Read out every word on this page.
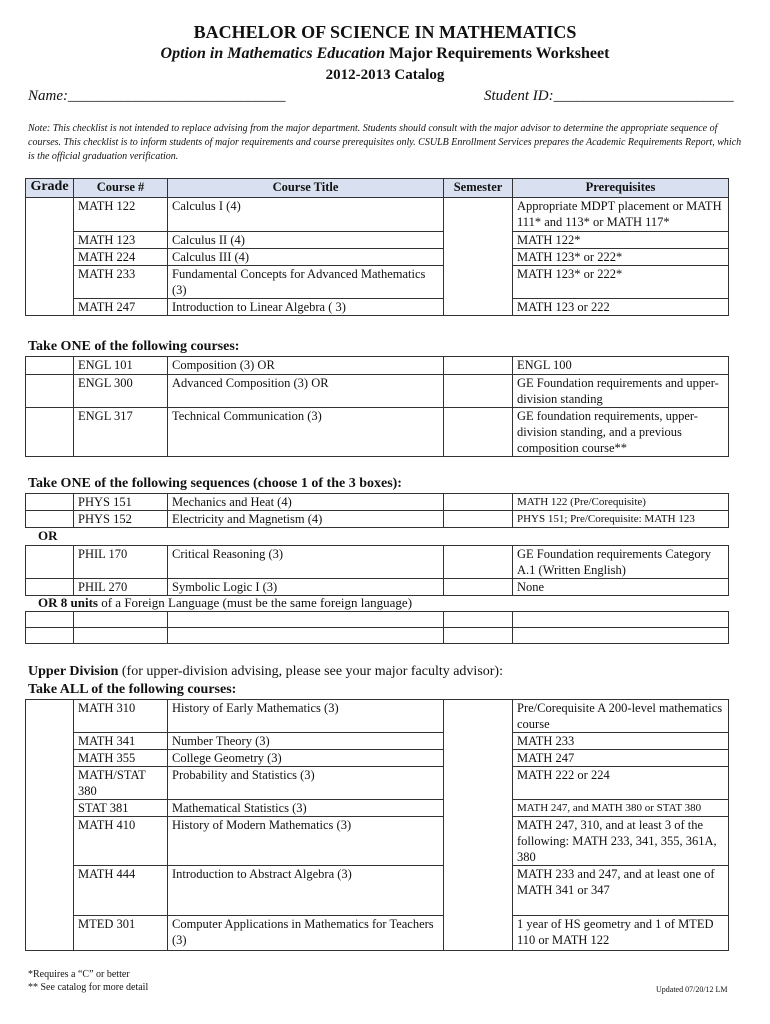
BACHELOR OF SCIENCE IN MATHEMATICS
Option in Mathematics Education Major Requirements Worksheet
2012-2013 Catalog
Name:_____________________________	Student ID:________________________
Note: This checklist is not intended to replace advising from the major department. Students should consult with the major advisor to determine the appropriate sequence of courses. This checklist is to inform students of major requirements and course prerequisites only. CSULB Enrollment Services prepares the Academic Requirements Report, which is the official graduation verification.
Grade	Course #	Course Title	Semester	Prerequisites
	MATH 122	Calculus I (4)		Appropriate MDPT placement or MATH 111* and 113* or MATH 117*
	MATH 123	Calculus II (4)		MATH 122*
	MATH 224	Calculus III (4)		MATH 123* or 222*
	MATH 233	Fundamental Concepts for Advanced Mathematics (3)		MATH 123* or 222*
	MATH 247	Introduction to Linear Algebra ( 3)		MATH 123 or 222
Take ONE of the following courses:
	ENGL 101	Composition (3) OR		ENGL 100
	ENGL 300	Advanced Composition (3) OR		GE Foundation requirements and upper-division standing
	ENGL 317	Technical Communication (3)		GE foundation requirements, upper-division standing, and a previous composition course**
Take ONE of the following sequences (choose 1 of the 3 boxes):
	PHYS 151	Mechanics and Heat (4)		MATH 122 (Pre/Corequisite)
	PHYS 152	Electricity and Magnetism (4)		PHYS 151; Pre/Corequisite: MATH 123
OR
	PHIL 170	Critical Reasoning (3)		GE Foundation requirements Category A.1 (Written English)
	PHIL 270	Symbolic Logic I (3)		None
OR 8 units of a Foreign Language (must be the same foreign language)

Upper Division (for upper-division advising, please see your major faculty advisor):
Take ALL of the following courses:
	MATH 310	History of Early Mathematics (3)		Pre/Corequisite A 200-level mathematics course
	MATH 341	Number Theory (3)		MATH 233
	MATH 355	College Geometry (3)		MATH 247
	MATH/STAT 380	Probability and Statistics (3)		MATH 222 or 224
	STAT 381	Mathematical Statistics (3)		MATH 247, and MATH 380 or STAT 380
	MATH 410	History of Modern Mathematics (3)		MATH 247, 310, and at least 3 of the following: MATH 233, 341, 355, 361A, 380
	MATH 444	Introduction to Abstract Algebra (3)		MATH 233 and 247, and at least one of MATH 341 or 347
	MTED 301	Computer Applications in Mathematics for Teachers (3)		1 year of HS geometry and 1 of MTED 110 or MATH 122
*Requires a “C” or better
** See catalog for more detail	Updated 07/20/12 LM
